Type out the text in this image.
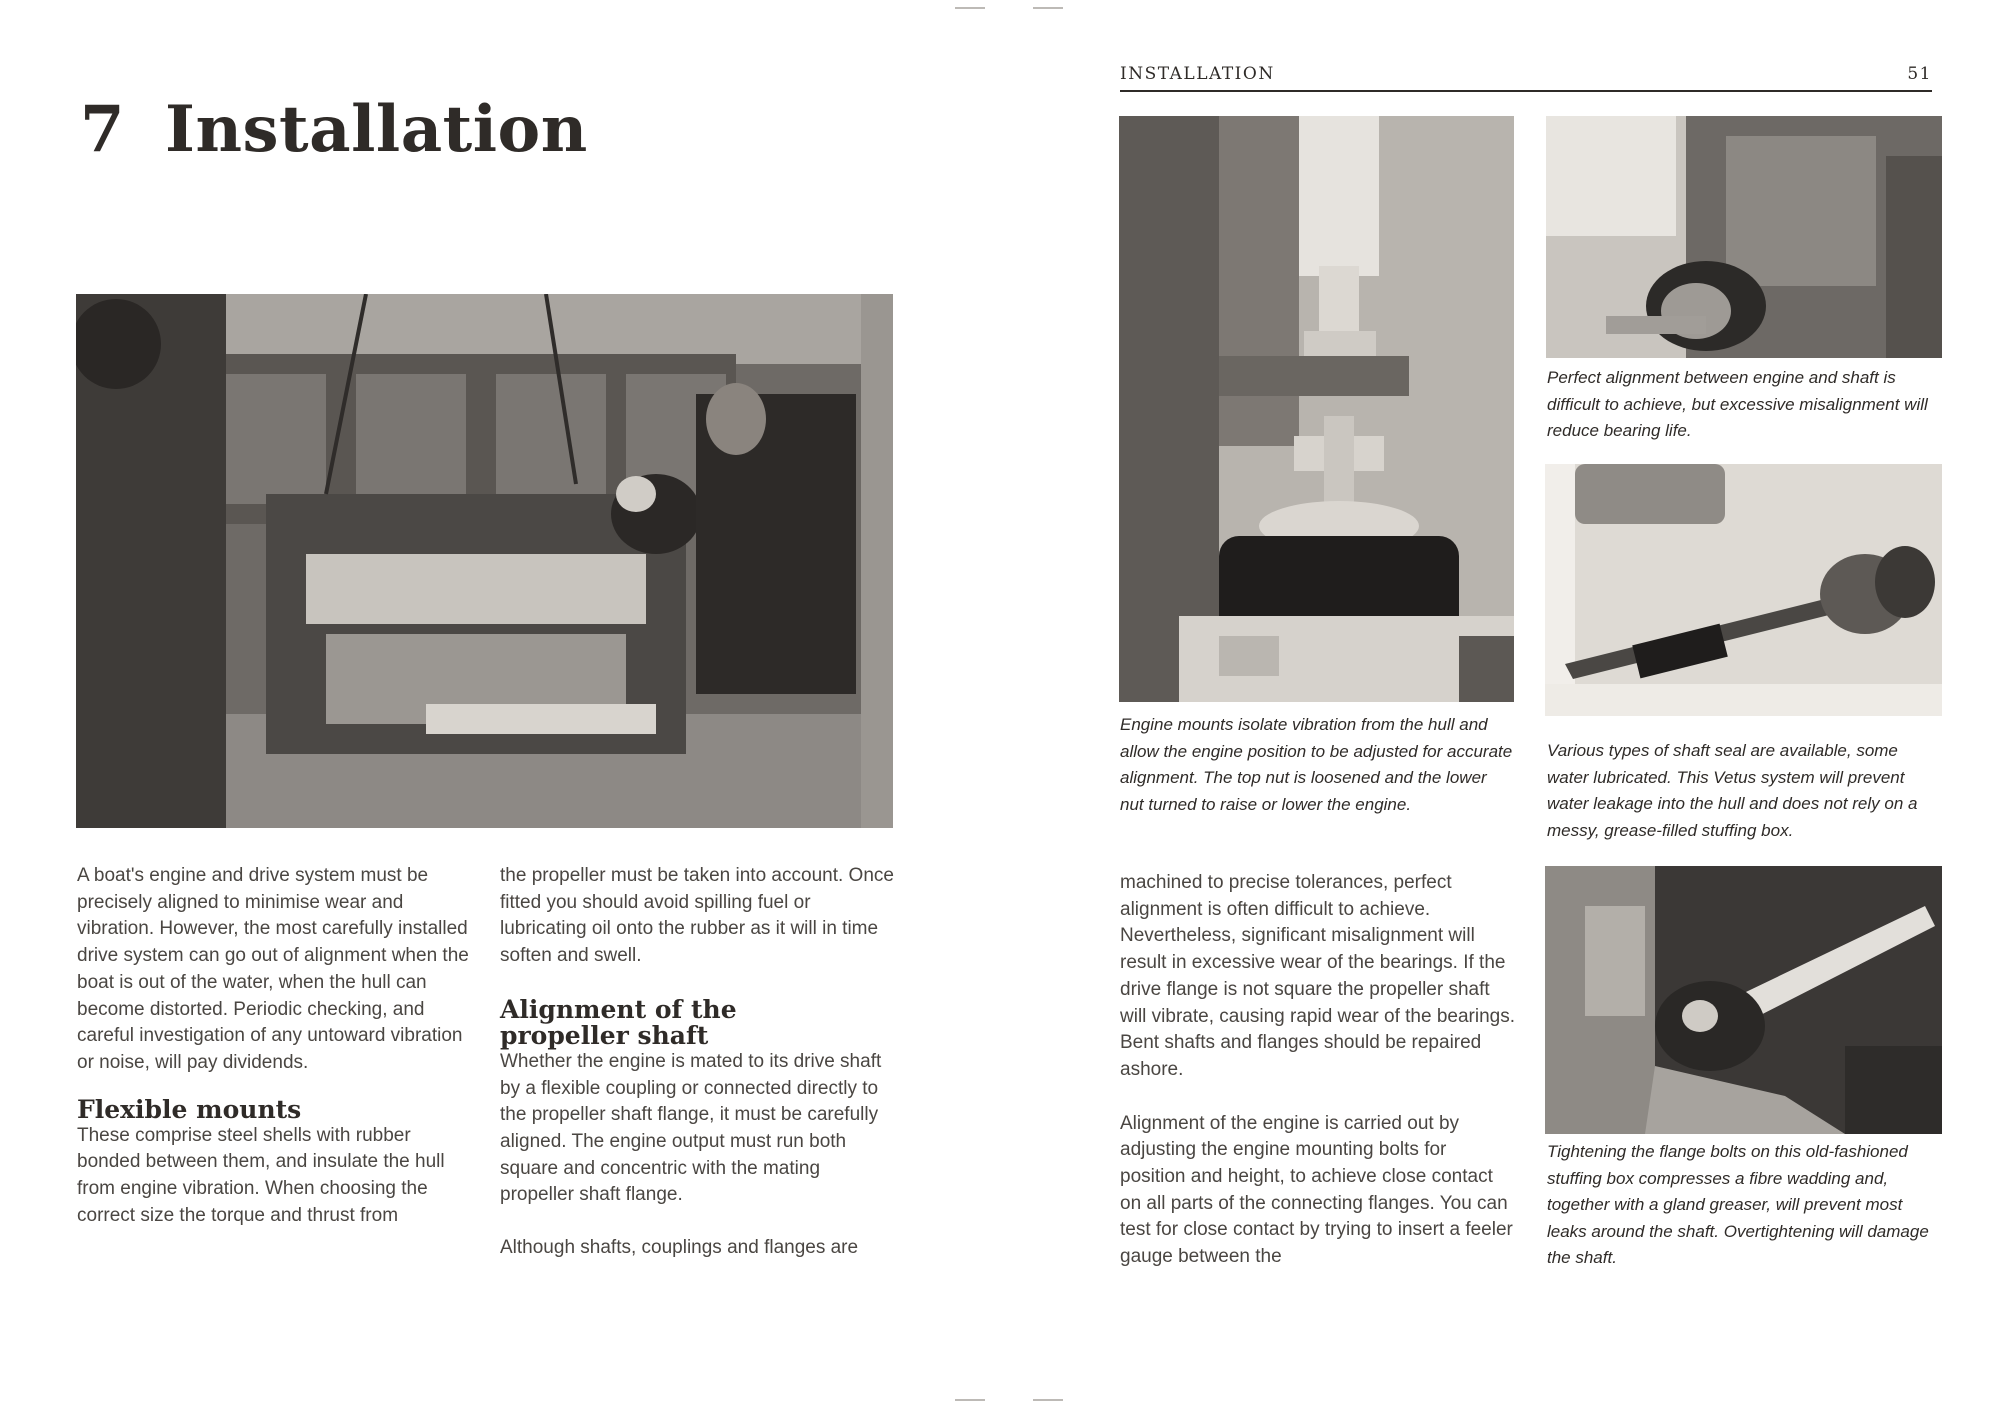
7 Installation

A boat's engine and drive system must be precisely aligned to minimise wear and vibration. However, the most carefully installed drive system can go out of alignment when the boat is out of the water, when the hull can become distorted. Periodic checking, and careful investigation of any untoward vibration or noise, will pay dividends.

Flexible mounts

These comprise steel shells with rubber bonded between them, and insulate the hull from engine vibration. When choosing the correct size the torque and thrust from

the propeller must be taken into account. Once fitted you should avoid spilling fuel or lubricating oil onto the rubber as it will in time soften and swell.

Alignment of the
propeller shaft

Whether the engine is mated to its drive shaft by a flexible coupling or connected directly to the propeller shaft flange, it must be carefully aligned. The engine output must run both square and concentric with the mating propeller shaft flange.

Although shafts, couplings and flanges are

INSTALLATION	51

Engine mounts isolate vibration from the hull and allow the engine position to be adjusted for accurate alignment. The top nut is loosened and the lower nut turned to raise or lower the engine.

machined to precise tolerances, perfect alignment is often difficult to achieve. Nevertheless, significant misalignment will result in excessive wear of the bearings. If the drive flange is not square the propeller shaft will vibrate, causing rapid wear of the bearings. Bent shafts and flanges should be repaired ashore.

Alignment of the engine is carried out by adjusting the engine mounting bolts for position and height, to achieve close contact on all parts of the connecting flanges. You can test for close contact by trying to insert a feeler gauge between the

Perfect alignment between engine and shaft is difficult to achieve, but excessive misalignment will reduce bearing life.

Various types of shaft seal are available, some water lubricated. This Vetus system will prevent water leakage into the hull and does not rely on a messy, grease-filled stuffing box.

Tightening the flange bolts on this old-fashioned stuffing box compresses a fibre wadding and, together with a gland greaser, will prevent most leaks around the shaft. Overtightening will damage the shaft.
